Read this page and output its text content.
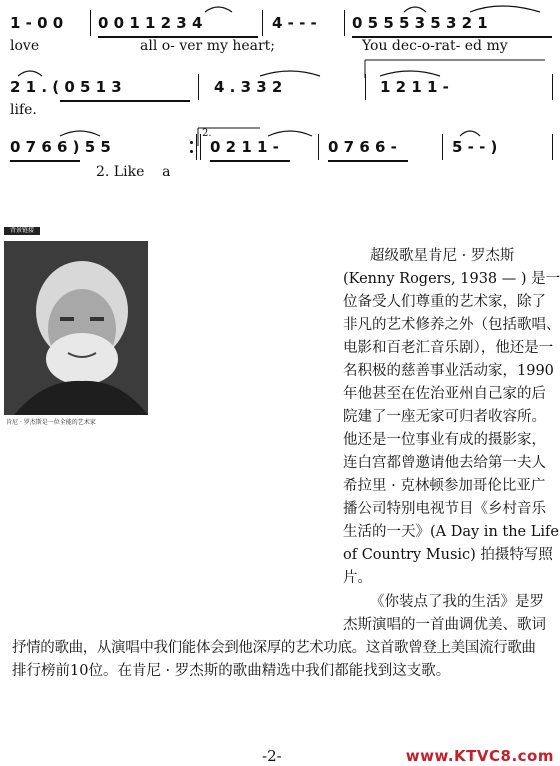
1 - 0 0 0 0 1 1 2 3 4	4 - - - 0 5 5 5 3 5 3 2 1
love	all o- ver my heart;	You dec-o-rat- ed my
2 1 . ( 0 5 1 3	4 . 3 3 2	1 2 1 1 -
life.
0 7 6 6 ) 5 5	0 2 1 1 -	0 7 6 6 -	5 - - )
2.
2. Like    a
背景链接
肯尼 · 罗杰斯是一位全能的艺术家

超级歌星肯尼 · 罗杰斯

(Kenny Rogers, 1938 — ) 是一

位备受人们尊重的艺术家，除了

非凡的艺术修养之外（包括歌唱、

电影和百老汇音乐剧），他还是一

名积极的慈善事业活动家，1990

年他甚至在佐治亚州自己家的后

院建了一座无家可归者收容所。

他还是一位事业有成的摄影家，

连白宫都曾邀请他去给第一夫人

希拉里 · 克林顿参加哥伦比亚广

播公司特别电视节目《乡村音乐

生活的一天》(A Day in the Life

of Country Music) 拍摄特写照

片。

《你装点了我的生活》是罗

杰斯演唱的一首曲调优美、歌词

抒情的歌曲，从演唱中我们能体会到他深厚的艺术功底。这首歌曾登上美国流行歌曲

排行榜前10位。在肯尼 · 罗杰斯的歌曲精选中我们都能找到这支歌。

-2-	www.KTVC8.com
